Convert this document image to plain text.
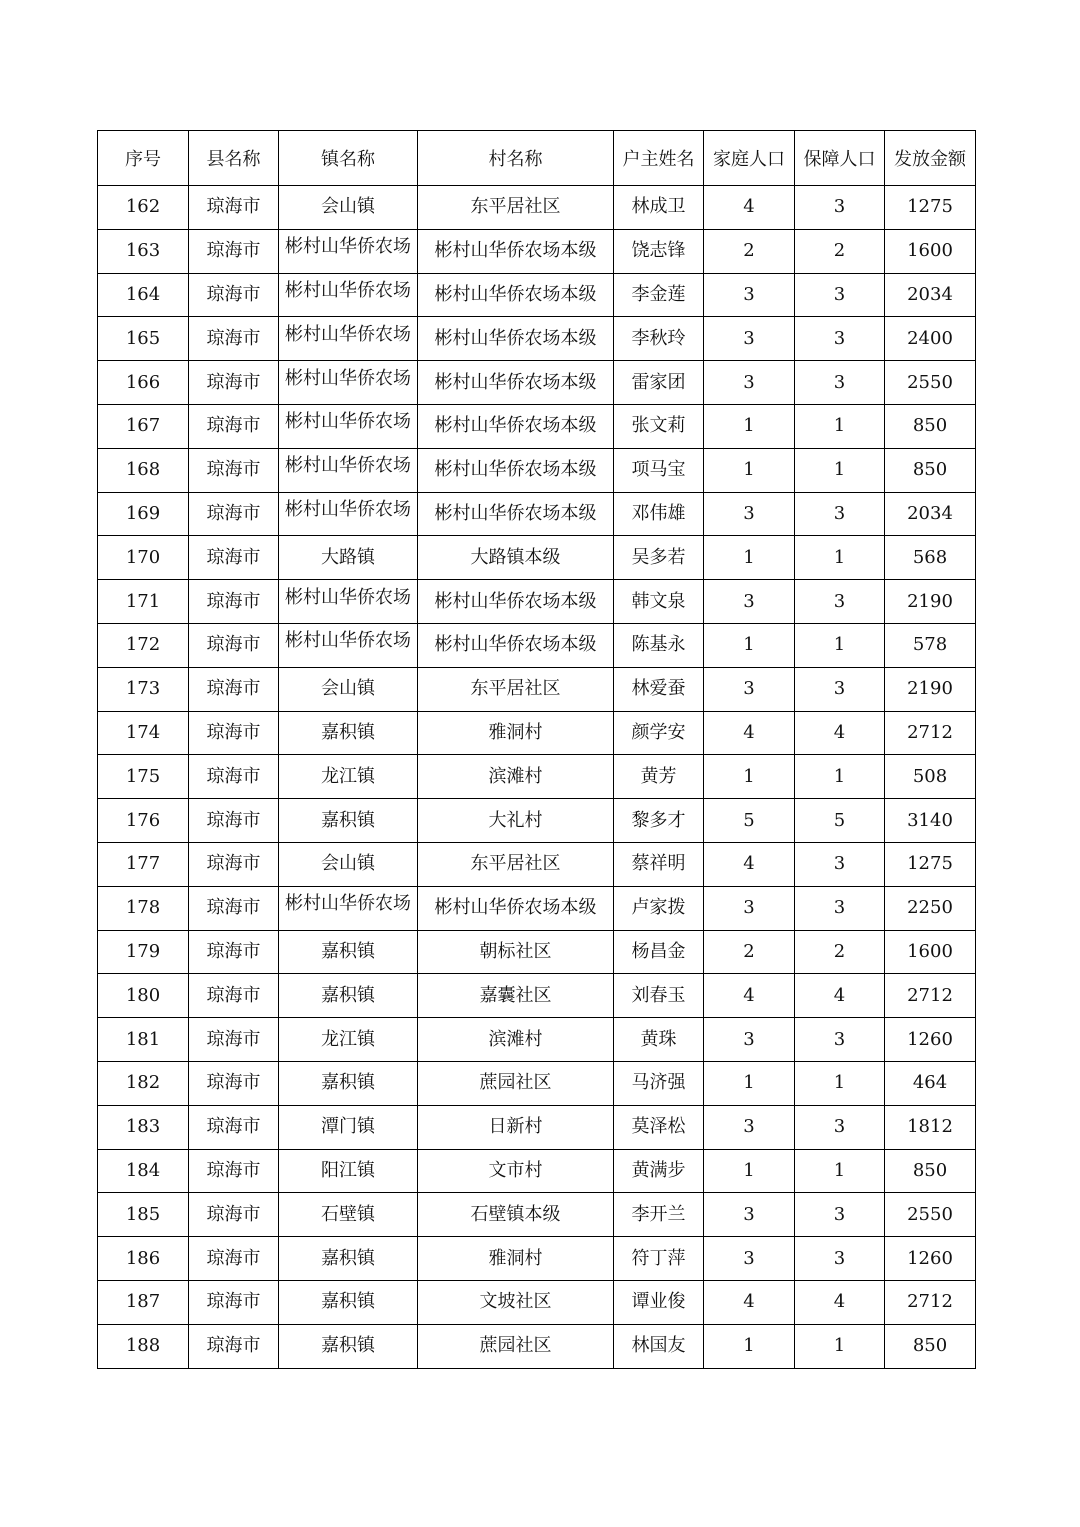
序号	县名称	镇名称	村名称	户主姓名	家庭人口	保障人口	发放金额

162	琼海市	会山镇	东平居社区	林成卫	4	3	1275

163	琼海市	彬村山华侨农场	彬村山华侨农场本级	饶志锋	2	2	1600

164	琼海市	彬村山华侨农场	彬村山华侨农场本级	李金莲	3	3	2034

165	琼海市	彬村山华侨农场	彬村山华侨农场本级	李秋玲	3	3	2400

166	琼海市	彬村山华侨农场	彬村山华侨农场本级	雷家团	3	3	2550

167	琼海市	彬村山华侨农场	彬村山华侨农场本级	张文莉	1	1	850

168	琼海市	彬村山华侨农场	彬村山华侨农场本级	项马宝	1	1	850

169	琼海市	彬村山华侨农场	彬村山华侨农场本级	邓伟雄	3	3	2034

170	琼海市	大路镇	大路镇本级	吴多若	1	1	568

171	琼海市	彬村山华侨农场	彬村山华侨农场本级	韩文泉	3	3	2190

172	琼海市	彬村山华侨农场	彬村山华侨农场本级	陈基永	1	1	578

173	琼海市	会山镇	东平居社区	林爱蚕	3	3	2190

174	琼海市	嘉积镇	雅洞村	颜学安	4	4	2712

175	琼海市	龙江镇	滨滩村	黄芳	1	1	508

176	琼海市	嘉积镇	大礼村	黎多才	5	5	3140

177	琼海市	会山镇	东平居社区	蔡祥明	4	3	1275

178	琼海市	彬村山华侨农场	彬村山华侨农场本级	卢家拨	3	3	2250

179	琼海市	嘉积镇	朝标社区	杨昌金	2	2	1600

180	琼海市	嘉积镇	嘉囊社区	刘春玉	4	4	2712

181	琼海市	龙江镇	滨滩村	黄珠	3	3	1260

182	琼海市	嘉积镇	蔗园社区	马济强	1	1	464

183	琼海市	潭门镇	日新村	莫泽松	3	3	1812

184	琼海市	阳江镇	文市村	黄满步	1	1	850

185	琼海市	石壁镇	石壁镇本级	李开兰	3	3	2550

186	琼海市	嘉积镇	雅洞村	符丁萍	3	3	1260

187	琼海市	嘉积镇	文坡社区	谭业俊	4	4	2712

188	琼海市	嘉积镇	蔗园社区	林国友	1	1	850
